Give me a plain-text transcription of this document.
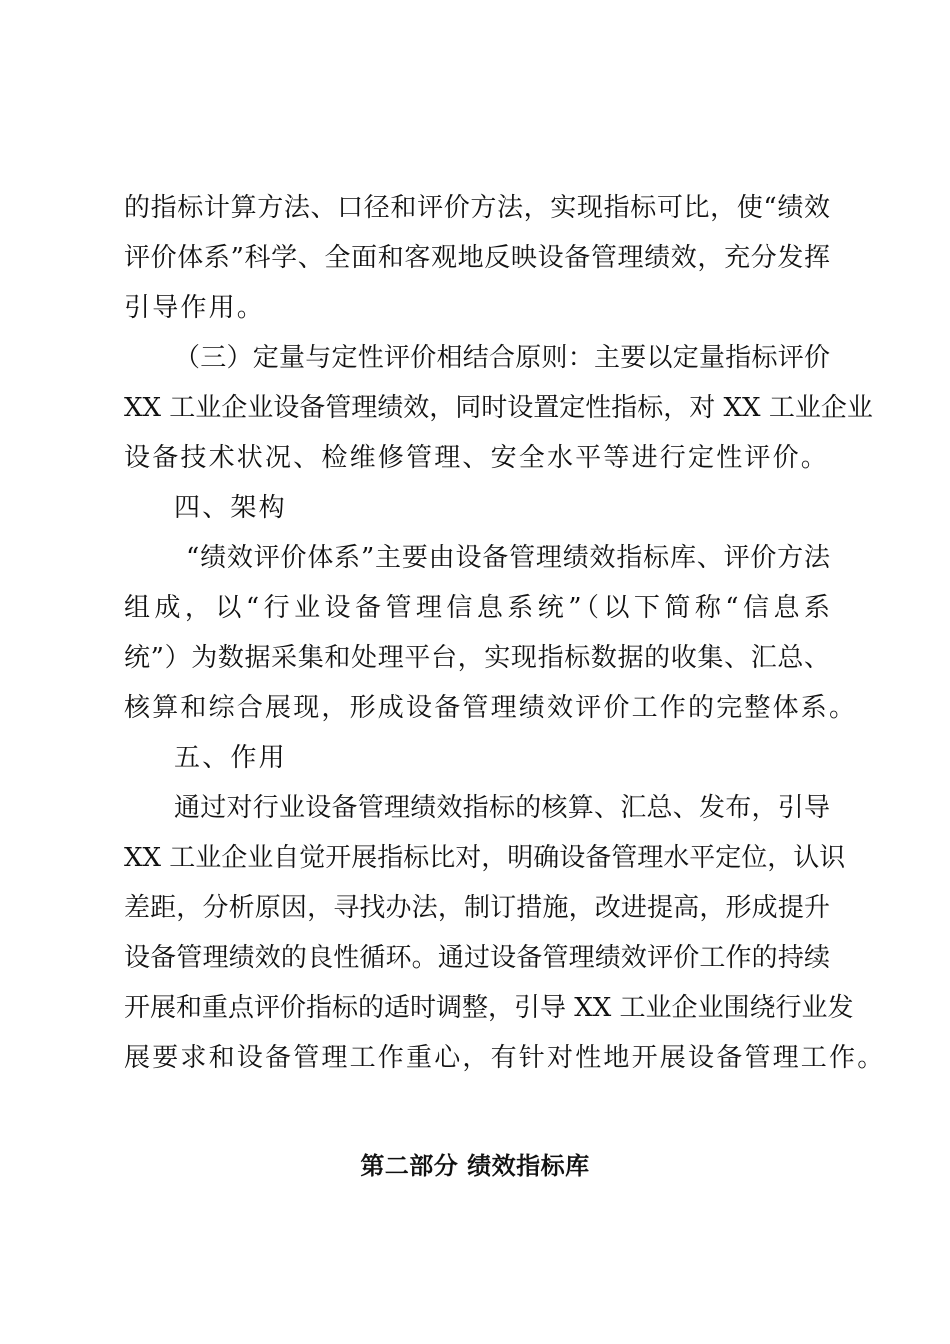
的指标计算方法、口径和评价方法，实现指标可比，使“绩效
评价体系”科学、全面和客观地反映设备管理绩效，充分发挥
引导作用。
（三）定量与定性评价相结合原则：主要以定量指标评价
XX 工业企业设备管理绩效，同时设置定性指标，对 XX 工业企业
设备技术状况、检维修管理、安全水平等进行定性评价。
四、架构
“绩效评价体系”主要由设备管理绩效指标库、评价方法
组成，以“行业设备管理信息系统”（以下简称“信息系
统”）为数据采集和处理平台，实现指标数据的收集、汇总、
核算和综合展现，形成设备管理绩效评价工作的完整体系。
五、作用
通过对行业设备管理绩效指标的核算、汇总、发布，引导
XX 工业企业自觉开展指标比对，明确设备管理水平定位，认识
差距，分析原因，寻找办法，制订措施，改进提高，形成提升
设备管理绩效的良性循环。通过设备管理绩效评价工作的持续
开展和重点评价指标的适时调整，引导 XX 工业企业围绕行业发
展要求和设备管理工作重心，有针对性地开展设备管理工作。
第二部分 绩效指标库
